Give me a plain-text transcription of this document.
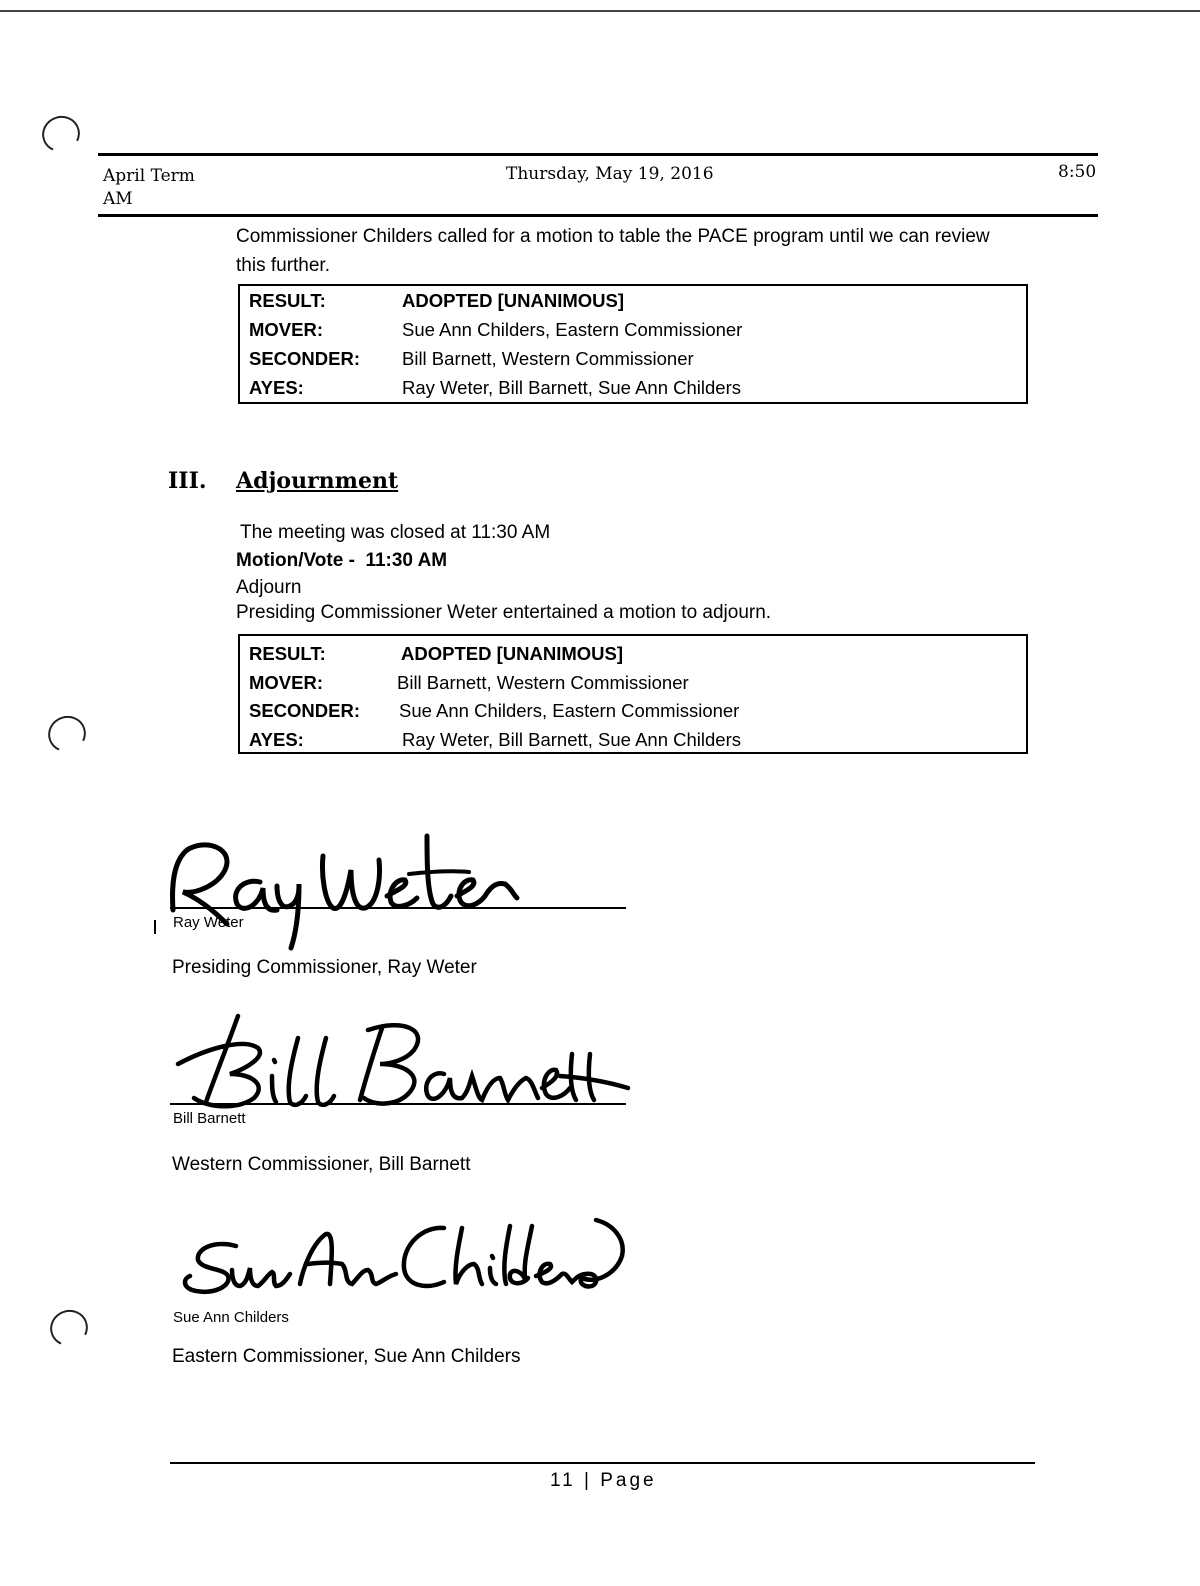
April Term	Thursday, May 19, 2016	8:50
AM
Commissioner Childers called for a motion to table the PACE program until we can review this further.
RESULT:	ADOPTED [UNANIMOUS]
MOVER:	Sue Ann Childers, Eastern Commissioner
SECONDER: Bill Barnett, Western Commissioner
AYES:	Ray Weter, Bill Barnett, Sue Ann Childers
III. Adjournment
The meeting was closed at 11:30 AM
Motion/Vote -  11:30 AM
Adjourn
Presiding Commissioner Weter entertained a motion to adjourn.
RESULT:	ADOPTED [UNANIMOUS]
MOVER:	Bill Barnett, Western Commissioner
SECONDER: Sue Ann Childers, Eastern Commissioner
AYES:	Ray Weter, Bill Barnett, Sue Ann Childers
Ray Weter
Presiding Commissioner, Ray Weter
Bill Barnett
Western Commissioner, Bill Barnett
Sue Ann Childers
Eastern Commissioner, Sue Ann Childers
11 | Page
